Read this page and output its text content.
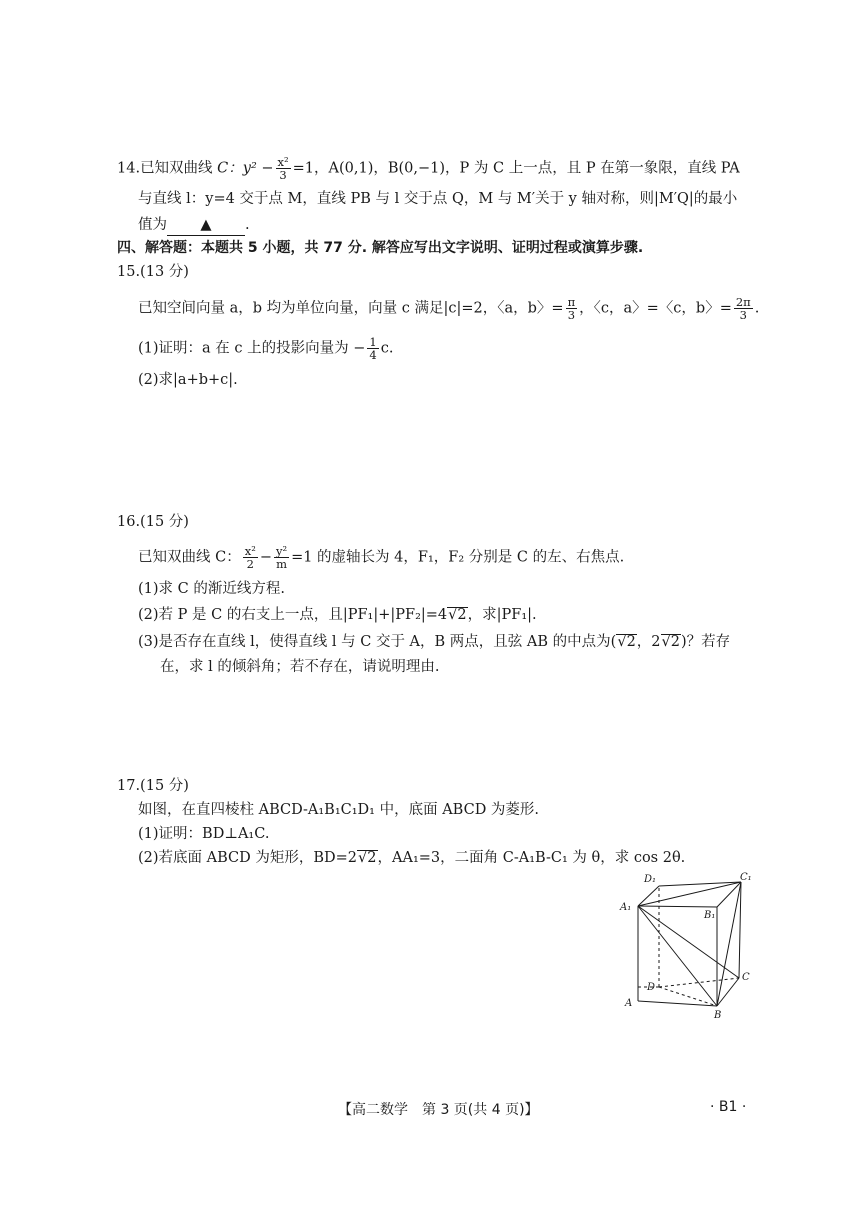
14.已知双曲线 C：$y^2 - \frac{\text{x²}}{3} =1$，A(0,1)，B(0,−1)，P 为 C 上一点，且 P 在第一象限，直线 PA
与直线 l：y=4 交于点 M，直线 PB 与 l 交于点 Q，M 与 M′关于 y 轴对称，则|M′Q|的最小
值为 ▲ .
四、解答题：本题共 5 小题，共 77 分. 解答应写出文字说明、证明过程或演算步骤.
15.(13 分)
已知空间向量 a，b 均为单位向量，向量 c 满足|c|=2，〈a，b〉= $\frac{\pi}{3}$ ，〈c，a〉=〈c，b〉= $\frac{2\pi}{3}$ .
(1)证明：a 在 c 上的投影向量为 − $\frac{1}{4} c$.
(2)求|a+b+c|.
16.(15 分)
已知双曲线 C： $\frac{\text{x²}}{2} - \frac{\text{y²}}{m} =1$ 的虚轴长为 4，F₁，F₂ 分别是 C 的左、右焦点.
(1)求 C 的渐近线方程.
(2)若 P 是 C 的右支上一点，且|PF₁|+|PF₂|=4√2，求|PF₁|.
(3)是否存在直线 l，使得直线 l 与 C 交于 A，B 两点，且弦 AB 的中点为(√2，2√2)？若存
在，求 l 的倾斜角；若不存在，请说明理由.
17.(15 分)
如图，在直四棱柱 ABCD-A₁B₁C₁D₁ 中，底面 ABCD 为菱形.
(1)证明：BD⊥A₁C.
(2)若底面 ABCD 为矩形，BD=2√2，AA₁=3，二面角 C-A₁B-C₁ 为 θ，求 cos 2θ.
D₁	C₁
A₁
B₁
D
C
A
B
【高二数学　第 3 页(共 4 页)】	· B1 ·
